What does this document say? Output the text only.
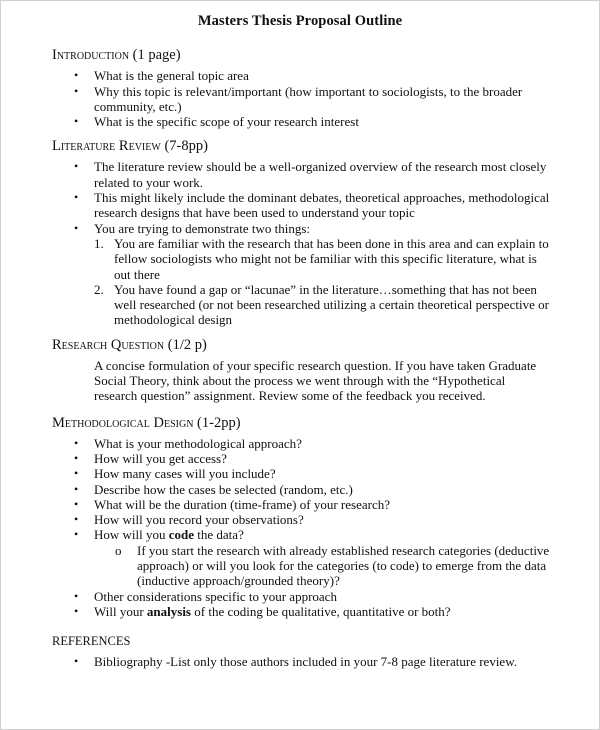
Masters Thesis Proposal Outline
Introduction (1 page)
• What is the general topic area
• Why this topic is relevant/important (how important to sociologists, to the broader community, etc.)
• What is the specific scope of your research interest
Literature Review (7-8pp)
• The literature review should be a well-organized overview of the research most closely related to your work.
• This might likely include the dominant debates, theoretical approaches, methodological research designs that have been used to understand your topic
• You are trying to demonstrate two things:
1. You are familiar with the research that has been done in this area and can explain to fellow sociologists who might not be familiar with this specific literature, what is out there
2. You have found a gap or “lacunae” in the literature…something that has not been well researched (or not been researched utilizing a certain theoretical perspective or methodological design
Research Question (1/2 p)
A concise formulation of your specific research question. If you have taken Graduate Social Theory, think about the process we went through with the “Hypothetical research question” assignment. Review some of the feedback you received.
Methodological Design (1-2pp)
• What is your methodological approach?
• How will you get access?
• How many cases will you include?
• Describe how the cases be selected (random, etc.)
• What will be the duration (time-frame) of your research?
• How will you record your observations?
• How will you code the data?
o If you start the research with already established research categories (deductive approach) or will you look for the categories (to code) to emerge from the data (inductive approach/grounded theory)?
• Other considerations specific to your approach
• Will your analysis of the coding be qualitative, quantitative or both?
REFERENCES
• Bibliography -List only those authors included in your 7-8 page literature review.
